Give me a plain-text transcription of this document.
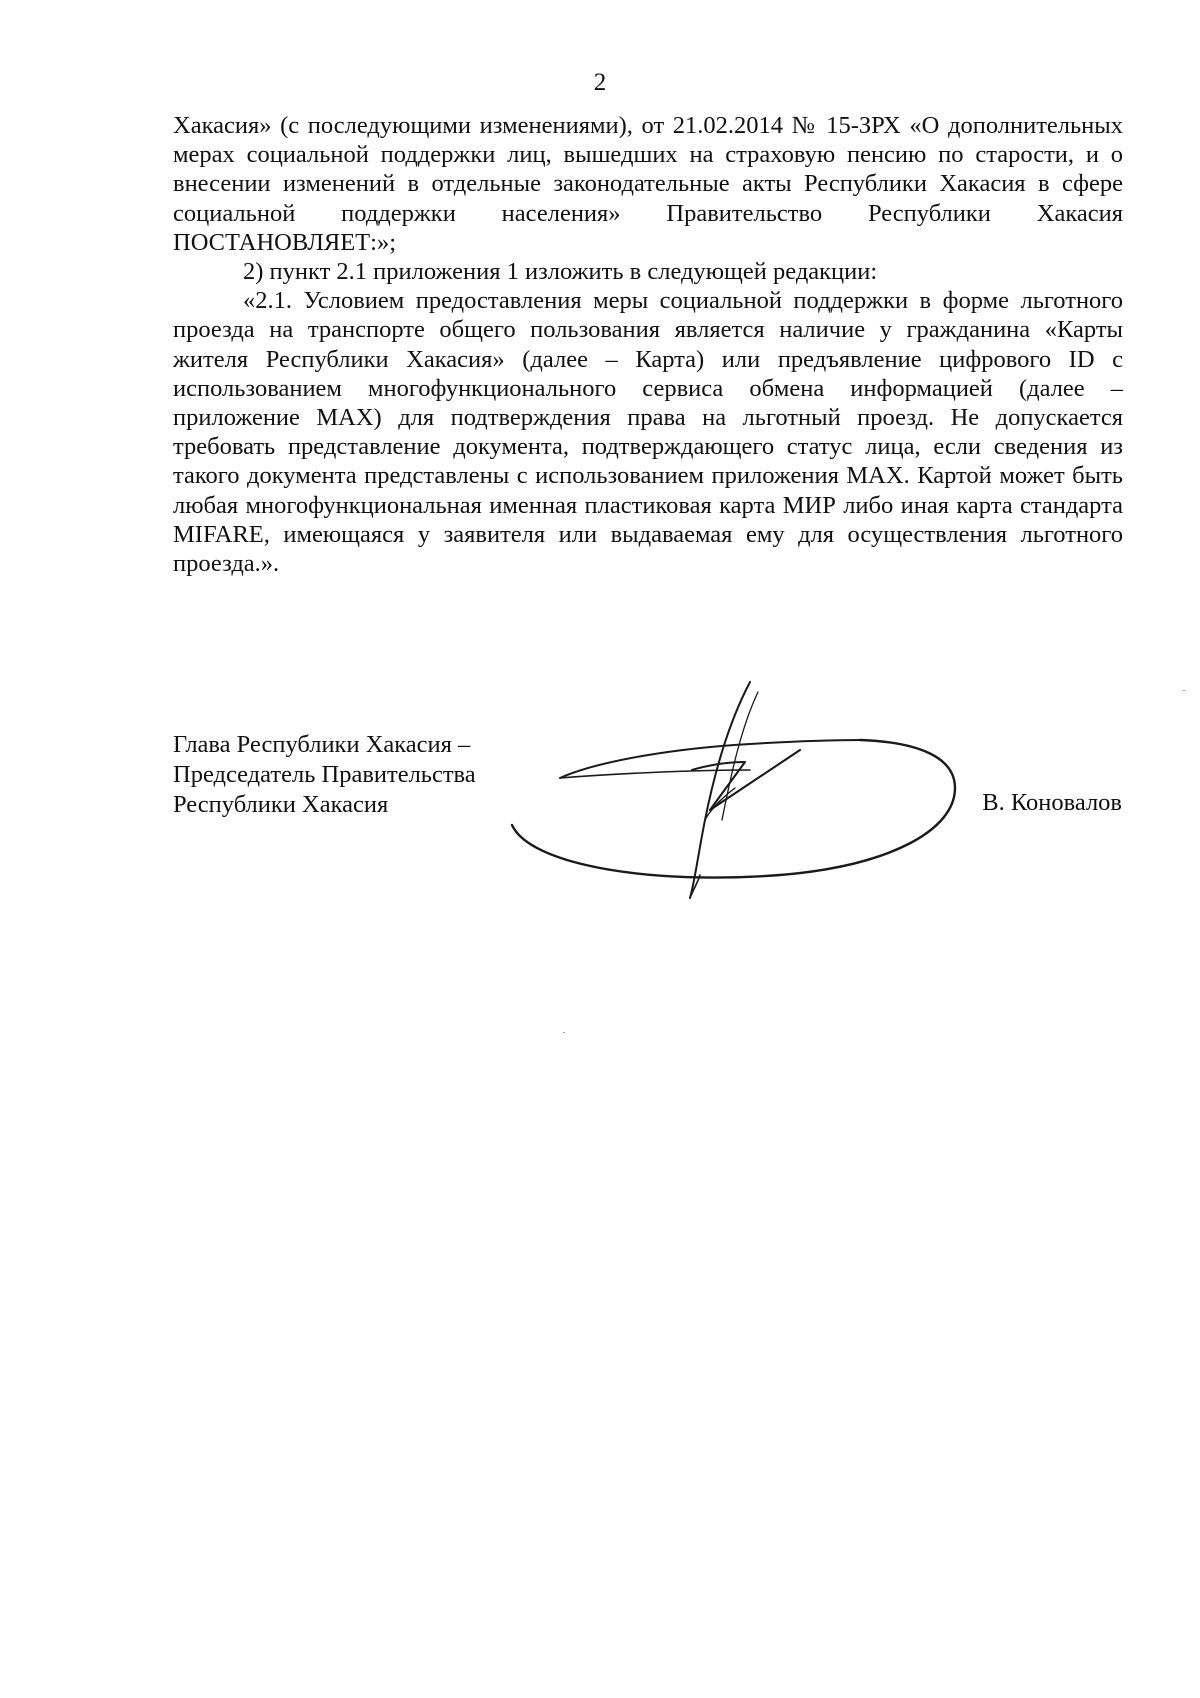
2

Хакасия» (с последующими изменениями), от 21.02.2014 № 15-ЗРХ «О дополнительных мерах социальной поддержки лиц, вышедших на страховую пенсию по старости, и о внесении изменений в отдельные законодательные акты Республики Хакасия в сфере социальной поддержки населения» Правительство Республики Хакасия ПОСТАНОВЛЯЕТ:»;

2) пункт 2.1 приложения 1 изложить в следующей редакции:

«2.1. Условием предоставления меры социальной поддержки в форме льготного проезда на транспорте общего пользования является наличие у гражданина «Карты жителя Республики Хакасия» (далее – Карта) или предъявление цифрового ID с использованием многофункционального сервиса обмена информацией (далее – приложение MAX) для подтверждения права на льготный проезд. Не допускается требовать представление документа, подтверждающего статус лица, если сведения из такого документа представлены с использованием приложения MAX. Картой может быть любая многофункциональная именная пластиковая карта МИР либо иная карта стандарта MIFARE, имеющаяся у заявителя или выдаваемая ему для осуществления льготного проезда.».

Глава Республики Хакасия –
Председатель Правительства
Республики Хакасия	В. Коновалов
